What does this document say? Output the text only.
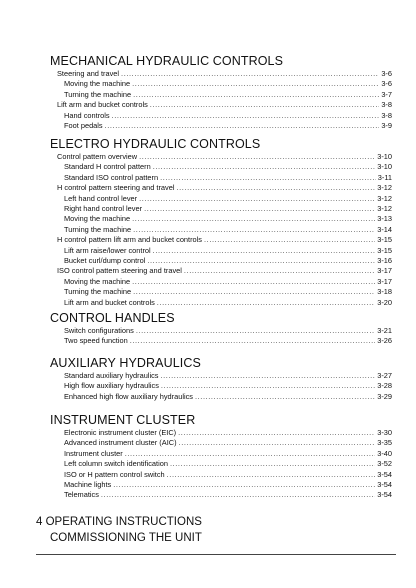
MECHANICAL HYDRAULIC CONTROLS
Steering and travel .....	3-6
Moving the machine .....	3-6
Turning the machine .....	3-7
Lift arm and bucket controls .....	3-8
Hand controls .....	3-8
Foot pedals .....	3-9
ELECTRO HYDRAULIC CONTROLS
Control pattern overview .....	3-10
Standard H control pattern .....	3-10
Standard ISO control pattern .....	3-11
H control pattern steering and travel .....	3-12
Left hand control lever .....	3-12
Right hand control lever .....	3-12
Moving the machine .....	3-13
Turning the machine .....	3-14
H control pattern lift arm and bucket controls .....	3-15
Lift arm raise/lower control .....	3-15
Bucket curl/dump control .....	3-16
ISO control pattern steering and travel .....	3-17
Moving the machine .....	3-17
Turning the machine .....	3-18
Lift arm and bucket controls .....	3-20
CONTROL HANDLES
Switch configurations .....	3-21
Two speed function .....	3-26
AUXILIARY HYDRAULICS
Standard auxiliary hydraulics .....	3-27
High flow auxiliary hydraulics .....	3-28
Enhanced high flow auxiliary hydraulics .....	3-29
INSTRUMENT CLUSTER
Electronic instrument cluster (EIC) .....	3-30
Advanced instrument cluster (AIC) .....	3-35
Instrument cluster .....	3-40
Left column switch identification .....	3-52
ISO or H pattern control switch .....	3-54
Machine lights .....	3-54
Telematics .....	3-54
4 OPERATING INSTRUCTIONS
COMMISSIONING THE UNIT
